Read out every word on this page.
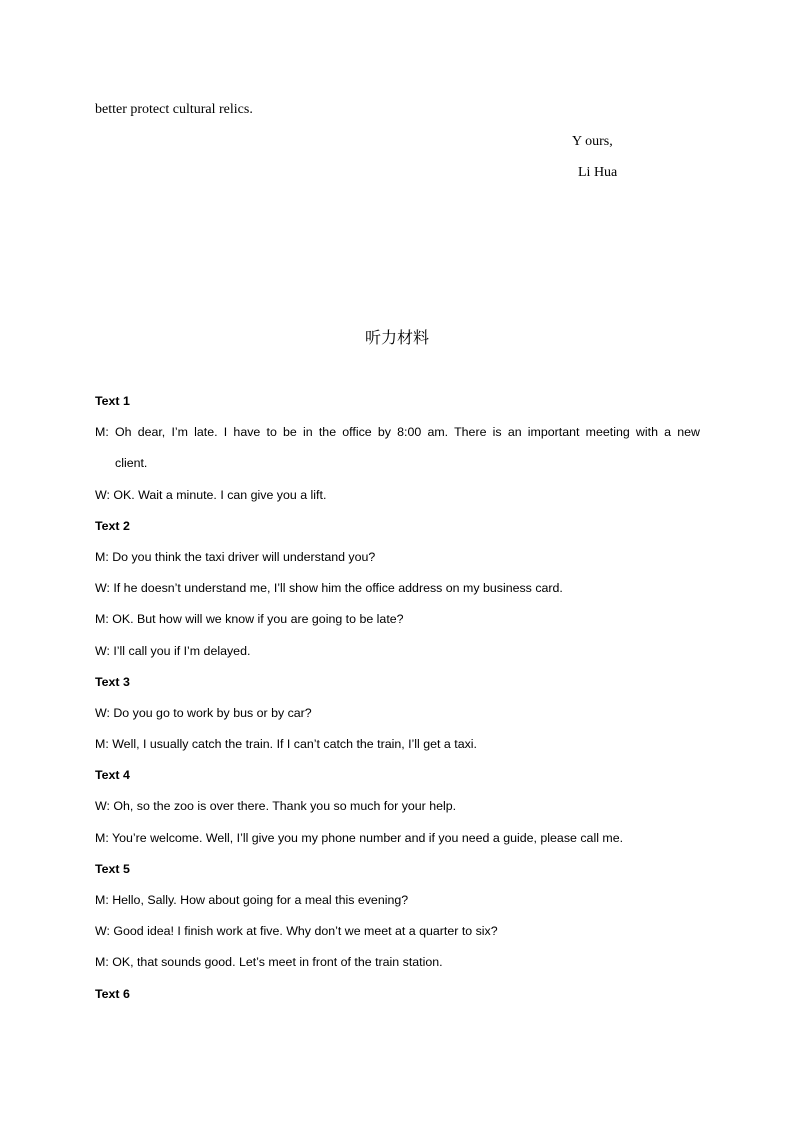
better protect cultural relics.
Y ours,
Li Hua
听力材料
Text 1
M: Oh dear, I’m late. I have to be in the office by 8:00 am. There is an important meeting with a new
client.
W: OK. Wait a minute. I can give you a lift.
Text 2
M: Do you think the taxi driver will understand you?
W: If he doesn’t understand me, I’ll show him the office address on my business card.
M: OK. But how will we know if you are going to be late?
W: I’ll call you if I’m delayed.
Text 3
W: Do you go to work by bus or by car?
M: Well, I usually catch the train. If I can’t catch the train, I’ll get a taxi.
Text 4
W: Oh, so the zoo is over there. Thank you so much for your help.
M: You’re welcome. Well, I’ll give you my phone number and if you need a guide, please call me.
Text 5
M: Hello, Sally. How about going for a meal this evening?
W: Good idea! I finish work at five. Why don’t we meet at a quarter to six?
M: OK, that sounds good. Let’s meet in front of the train station.
Text 6
